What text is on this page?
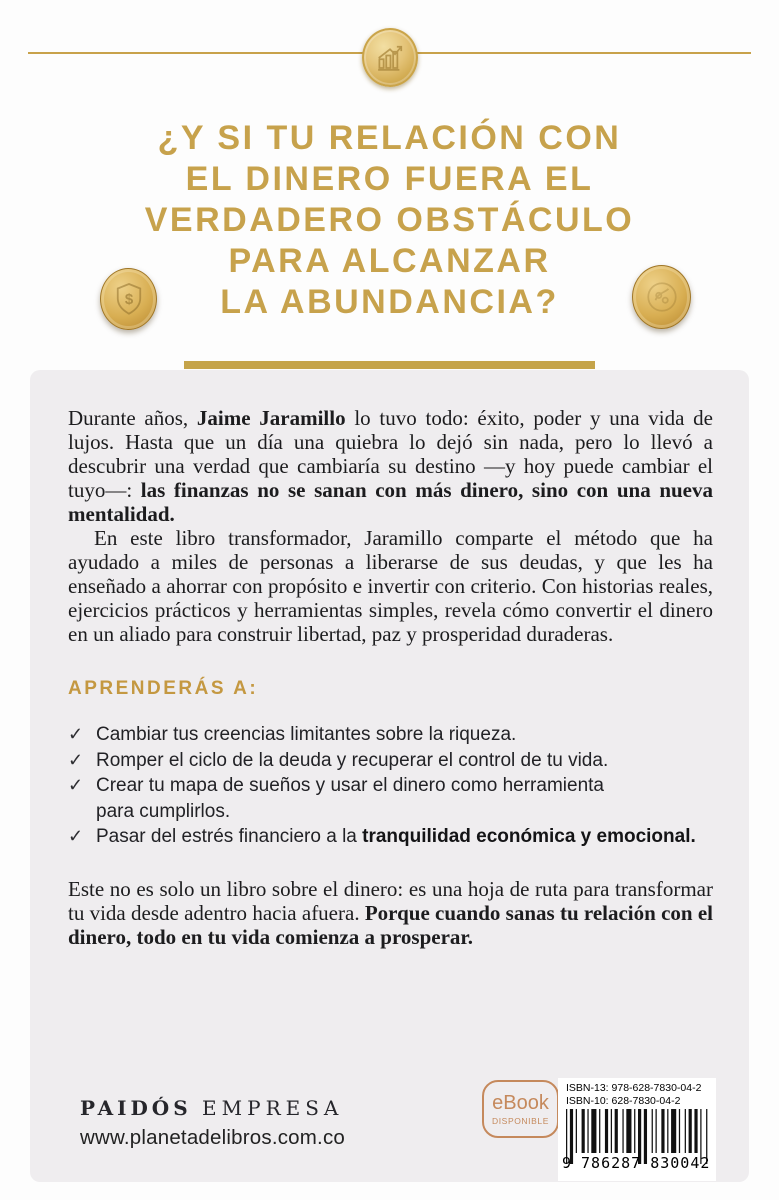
¿Y SI TU RELACIÓN CON
EL DINERO FUERA EL
VERDADERO OBSTÁCULO
PARA ALCANZAR
LA ABUNDANCIA?
$

Durante años, Jaime Jaramillo lo tuvo todo: éxito, poder y una vida de lujos. Hasta que un día una quiebra lo dejó sin nada, pero lo llevó a descubrir una verdad que cambiaría su destino —y hoy puede cambiar el tuyo—: las finanzas no se sanan con más dinero, sino con una nueva mentalidad.

En este libro transformador, Jaramillo comparte el método que ha ayudado a miles de personas a liberarse de sus deudas, y que les ha enseñado a ahorrar con propósito e invertir con criterio. Con historias reales, ejercicios prácticos y herramientas simples, revela cómo convertir el dinero en un aliado para construir libertad, paz y prosperidad duraderas.

APRENDERÁS A:
✓ Cambiar tus creencias limitantes sobre la riqueza.
✓ Romper el ciclo de la deuda y recuperar el control de tu vida.
✓ Crear tu mapa de sueños y usar el dinero como herramienta
para cumplirlos.
✓ Pasar del estrés financiero a la tranquilidad económica y emocional.

Este no es solo un libro sobre el dinero: es una hoja de ruta para transformar tu vida desde adentro hacia afuera. Porque cuando sanas tu relación con el dinero, todo en tu vida comienza a prosperar.

PAIDÓS EMPRESA
www.planetadelibros.com.co
eBook
DISPONIBLE
ISBN-13: 978-628-7830-04-2
ISBN-10: 628-7830-04-2
9 786287 830042
